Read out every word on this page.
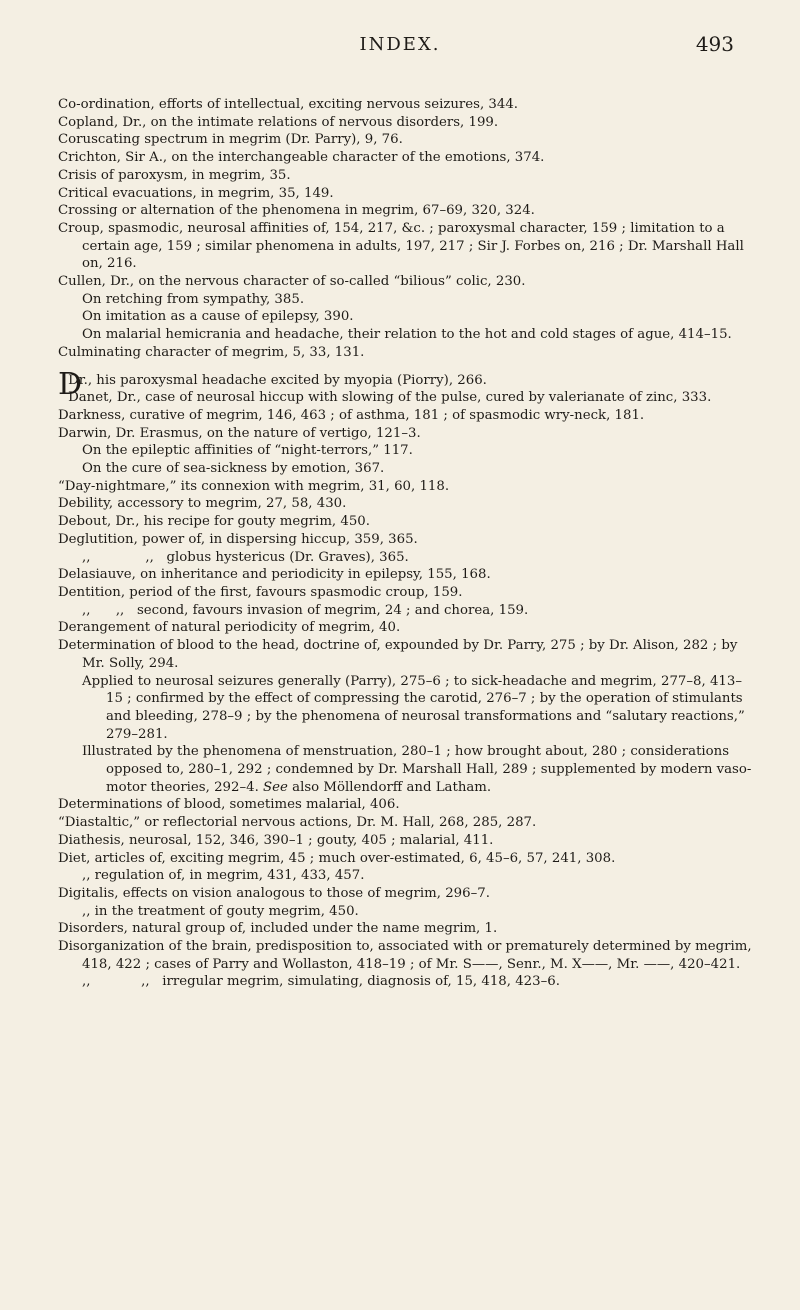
INDEX.	493

Co-ordination, efforts of intellectual, exciting nervous seizures, 344.

Copland, Dr., on the intimate relations of nervous disorders, 199.

Coruscating spectrum in megrim (Dr. Parry), 9, 76.

Crichton, Sir A., on the interchangeable character of the emotions, 374.

Crisis of paroxysm, in megrim, 35.

Critical evacuations, in megrim, 35, 149.

Crossing or alternation of the phenomena in megrim, 67–69, 320, 324.

Croup, spasmodic, neurosal affinities of, 154, 217, &c. ; paroxysmal character, 159 ; limitation to a certain age, 159 ; similar phenomena in adults, 197, 217 ; Sir J. Forbes on, 216 ; Dr. Marshall Hall on, 216.

Cullen, Dr., on the nervous character of so-called “bilious” colic, 230.

On retching from sympathy, 385.

On imitation as a cause of epilepsy, 390.

On malarial hemicrania and headache, their relation to the hot and cold stages of ague, 414–15.

Culminating character of megrim, 5, 33, 131.

D
Dr., his paroxysmal headache excited by myopia (Piorry), 266.

Danet, Dr., case of neurosal hiccup with slowing of the pulse, cured by valerianate of zinc, 333.

Darkness, curative of megrim, 146, 463 ; of asthma, 181 ; of spasmodic wry-neck, 181.

Darwin, Dr. Erasmus, on the nature of vertigo, 121–3.

On the epileptic affinities of “night-terrors,” 117.

On the cure of sea-sickness by emotion, 367.

“Day-nightmare,” its connexion with megrim, 31, 60, 118.

Debility, accessory to megrim, 27, 58, 430.

Debout, Dr., his recipe for gouty megrim, 450.

Deglutition, power of, in dispersing hiccup, 359, 365.

,,             ,,   globus hystericus (Dr. Graves), 365.

Delasiauve, on inheritance and periodicity in epilepsy, 155, 168.

Dentition, period of the first, favours spasmodic croup, 159.

,,      ,,   second, favours invasion of megrim, 24 ; and chorea, 159.

Derangement of natural periodicity of megrim, 40.

Determination of blood to the head, doctrine of, expounded by Dr. Parry, 275 ; by Dr. Alison, 282 ; by Mr. Solly, 294.

Applied to neurosal seizures generally (Parry), 275–6 ; to sick-headache and megrim, 277–8, 413–15 ; confirmed by the effect of compressing the carotid, 276–7 ; by the operation of stimulants and bleeding, 278–9 ; by the phenomena of neurosal transformations and “salutary reactions,” 279–281.

Illustrated by the phenomena of menstruation, 280–1 ; how brought about, 280 ; considerations opposed to, 280–1, 292 ; condemned by Dr. Marshall Hall, 289 ; supplemented by modern vaso-motor theories, 292–4. See also Möllendorff and Latham.

Determinations of blood, sometimes malarial, 406.

“Diastaltic,” or reflectorial nervous actions, Dr. M. Hall, 268, 285, 287.

Diathesis, neurosal, 152, 346, 390–1 ; gouty, 405 ; malarial, 411.

Diet, articles of, exciting megrim, 45 ; much over-estimated, 6, 45–6, 57, 241, 308.

,, regulation of, in megrim, 431, 433, 457.

Digitalis, effects on vision analogous to those of megrim, 296–7.

,, in the treatment of gouty megrim, 450.

Disorders, natural group of, included under the name megrim, 1.

Disorganization of the brain, predisposition to, associated with or prematurely determined by megrim, 418, 422 ; cases of Parry and Wollaston, 418–19 ; of Mr. S——, Senr., M. X——, Mr. ——, 420–421.

,,            ,,   irregular megrim, simulating, diagnosis of, 15, 418, 423–6.
